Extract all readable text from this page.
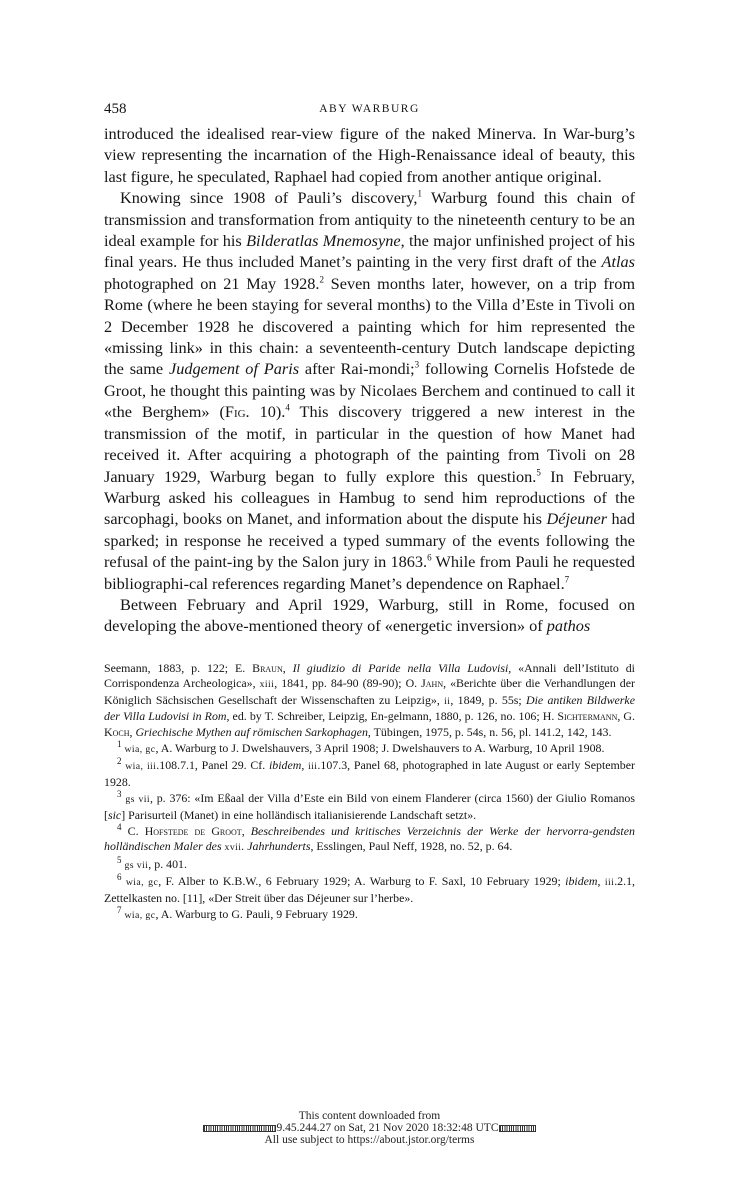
458	ABY WARBURG

introduced the idealised rear-view figure of the naked Minerva. In War-burg’s view representing the incarnation of the High-Renaissance ideal of beauty, this last figure, he speculated, Raphael had copied from another antique original.

Knowing since 1908 of Pauli’s discovery,$^1$ Warburg found this chain of transmission and transformation from antiquity to the nineteenth century to be an ideal example for his Bilderatlas Mnemosyne, the major unfinished project of his final years. He thus included Manet’s painting in the very first draft of the Atlas photographed on 21 May 1928.$^2$ Seven months later, however, on a trip from Rome (where he been staying for several months) to the Villa d’Este in Tivoli on 2 December 1928 he discovered a painting which for him represented the «missing link» in this chain: a seventeenth-century Dutch landscape depicting the same Judgement of Paris after Rai-mondi;$^3$ following Cornelis Hofstede de Groot, he thought this painting was by Nicolaes Berchem and continued to call it «the Berghem» (Fig. 10).$^4$ This discovery triggered a new interest in the transmission of the motif, in particular in the question of how Manet had received it. After acquiring a photograph of the painting from Tivoli on 28 January 1929, Warburg began to fully explore this question.$^5$ In February, Warburg asked his colleagues in Hambug to send him reproductions of the sarcophagi, books on Manet, and information about the dispute his Déjeuner had sparked; in response he received a typed summary of the events following the refusal of the paint-ing by the Salon jury in 1863.$^6$ While from Pauli he requested bibliographi-cal references regarding Manet’s dependence on Raphael.$^7$

Between February and April 1929, Warburg, still in Rome, focused on developing the above-mentioned theory of «energetic inversion» of pathos

Seemann, 1883, p. 122; E. Braun, Il giudizio di Paride nella Villa Ludovisi, «Annali dell’Istituto di Corrispondenza Archeologica», xiii, 1841, pp. 84-90 (89-90); O. Jahn, «Berichte über die Verhandlungen der Königlich Sächsischen Gesellschaft der Wissenschaften zu Leipzig», ii, 1849, p. 55s; Die antiken Bildwerke der Villa Ludovisi in Rom, ed. by T. Schreiber, Leipzig, En-gelmann, 1880, p. 126, no. 106; H. Sichtermann, G. Koch, Griechische Mythen auf römischen Sarkophagen, Tübingen, 1975, p. 54s, n. 56, pl. 141.2, 142, 143.

$^1$ wia, gc, A. Warburg to J. Dwelshauvers, 3 April 1908; J. Dwelshauvers to A. Warburg, 10 April 1908.

$^2$ wia, iii.108.7.1, Panel 29. Cf. ibidem, iii.107.3, Panel 68, photographed in late August or early September 1928.

$^3$ gs vii, p. 376: «Im Eßaal der Villa d’Este ein Bild von einem Flanderer (circa 1560) der Giulio Romanos [sic] Parisurteil (Manet) in eine holländisch italianisierende Landschaft setzt».

$^4$ C. Hofstede de Groot, Beschreibendes und kritisches Verzeichnis der Werke der hervorra-gendsten holländischen Maler des xvii. Jahrhunderts, Esslingen, Paul Neff, 1928, no. 52, p. 64.

$^5$ gs vii, p. 401.

$^6$ wia, gc, F. Alber to K.B.W., 6 February 1929; A. Warburg to F. Saxl, 10 February 1929; ibidem, iii.2.1, Zettelkasten no. [11], «Der Streit über das Déjeuner sur l’herbe».

$^7$ wia, gc, A. Warburg to G. Pauli, 9 February 1929.

This content downloaded from
9.45.244.27 on Sat, 21 Nov 2020 18:32:48 UTC
All use subject to https://about.jstor.org/terms
